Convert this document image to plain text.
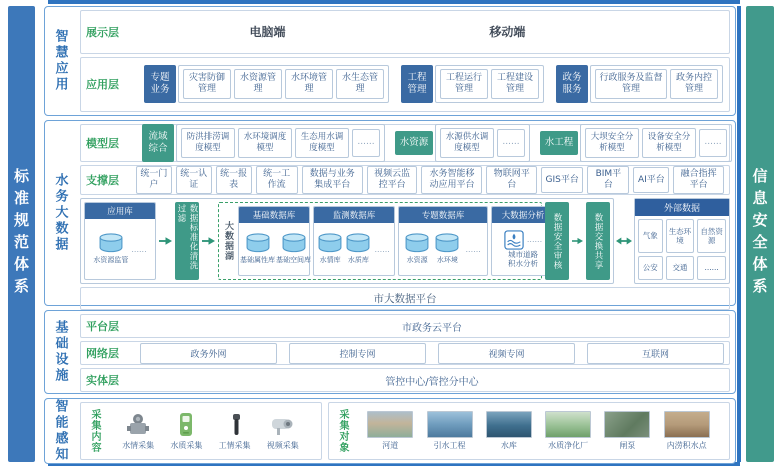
标准规范体系	信息安全体系
智慧应用 展示层	电脑端	移动端
应用层
专题业务
灾害防御管理
水资源管理
水环境管理
水生态管理
工程管理
工程运行管理
工程建设管理
政务服务
行政服务及监督管理
政务内控管理
水务大数据
模型层
流域综合
防洪排涝调度模型
水环境调度模型
生态用水调度模型
......	水资源	水源供水调度模型
......	水工程	大坝安全分析模型
设备安全分析模型
......
支撑层	统一门户
统一认证
统一报表
统一工作流
数据与业务集成平台
视频云监控平台
水务智能移动应用平台
物联网平台
GIS平台
BIM平台
AI平台
融合指挥平台
应用库
水资源监管
......	数据标准化清洗过滤
大数据湖
基础数据库
基础属性库 基础空间库
监测数据库
水情库 水质库
......
专题数据库
水资源 水环境
......
大数据分析
......
城市道路积水分析 数据安全审核	数据交换共享
外部数据
气象	生态环境
自然资源
公安	交通	......
市大数据平台
基础设施 平台层	市政务云平台
网络层	政务外网	控制专网	视频专网	互联网
实体层	管控中心/管控分中心
智能感知 采集内容	水情采集 水质采集 工情采集 视频采集	采集对象	河道	引水工程	水库	水质净化厂	闸泵	内涝积水点
